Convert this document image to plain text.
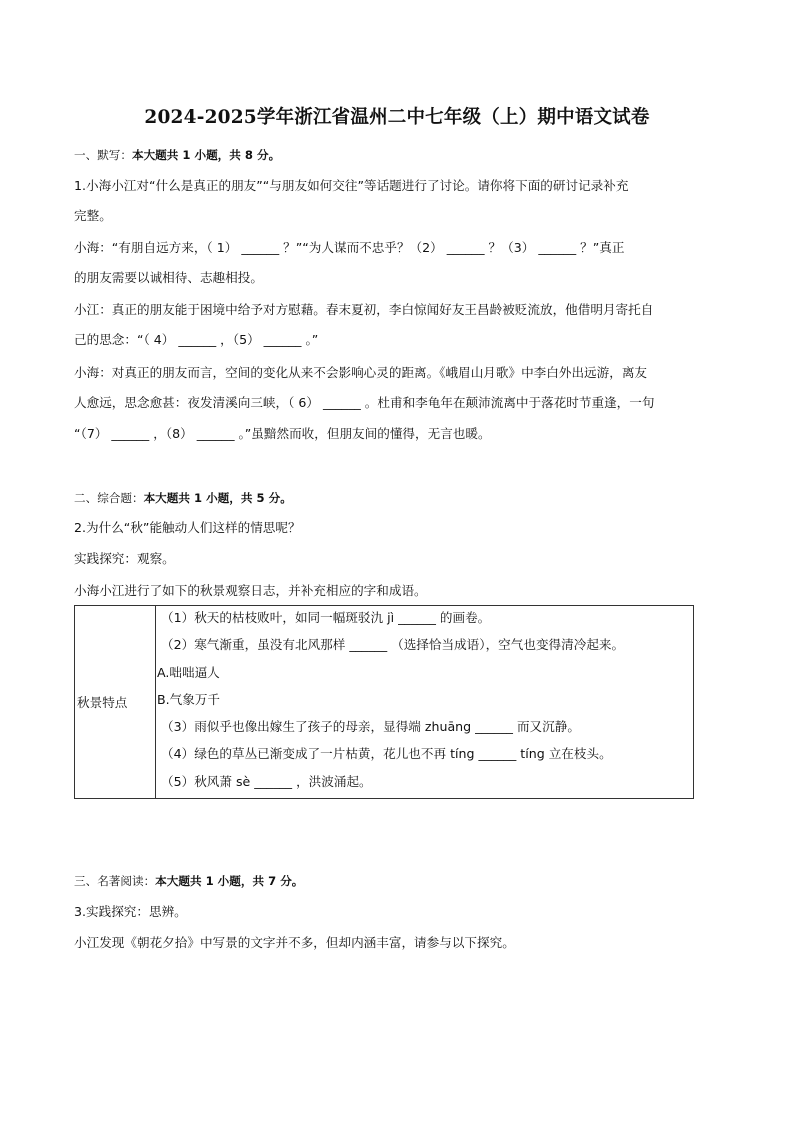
2024-2025学年浙江省温州二中七年级（上）期中语文试卷
一、默写：本大题共 1 小题，共 8 分。
1.小海小江对“什么是真正的朋友”“与朋友如何交往”等话题进行了讨论。请你将下面的研讨记录补充
完整。
小海：“有朋自远方来，（ 1） ______ ？”“为人谋而不忠乎？（2） ______ ？（3） ______ ？”真正
的朋友需要以诚相待、志趣相投。
小江：真正的朋友能于困境中给予对方慰藉。春末夏初，李白惊闻好友王昌龄被贬流放，他借明月寄托自
己的思念：“（ 4） ______ ，（5） ______ 。”
小海：对真正的朋友而言，空间的变化从来不会影响心灵的距离。《峨眉山月歌》中李白外出远游，离友
人愈远，思念愈甚：夜发清溪向三峡，（ 6） ______ 。杜甫和李龟年在颠沛流离中于落花时节重逢，一句
“（7） ______ ，（8） ______ 。”虽黯然而收，但朋友间的懂得，无言也暖。
二、综合题：本大题共 1 小题，共 5 分。
2.为什么“秋”能触动人们这样的情思呢？
实践探究：观察。
小海小江进行了如下的秋景观察日志，并补充相应的字和成语。
秋景特点
（1）秋天的枯枝败叶，如同一幅斑驳氿 jì ______ 的画卷。
（2）寒气渐重，虽没有北风那样 ______ （选择恰当成语），空气也变得清冷起来。
A.咄咄逼人
B.气象万千
（3）雨似乎也像出嫁生了孩子的母亲，显得端 zhuāng ______ 而又沉静。
（4）绿色的草丛已渐变成了一片枯黄，花儿也不再 tíng ______ tíng 立在枝头。
（5）秋风萧 sè ______ ，洪波涌起。
三、名著阅读：本大题共 1 小题，共 7 分。
3.实践探究：思辨。
小江发现《朝花夕拾》中写景的文字并不多，但却内涵丰富，请参与以下探究。
